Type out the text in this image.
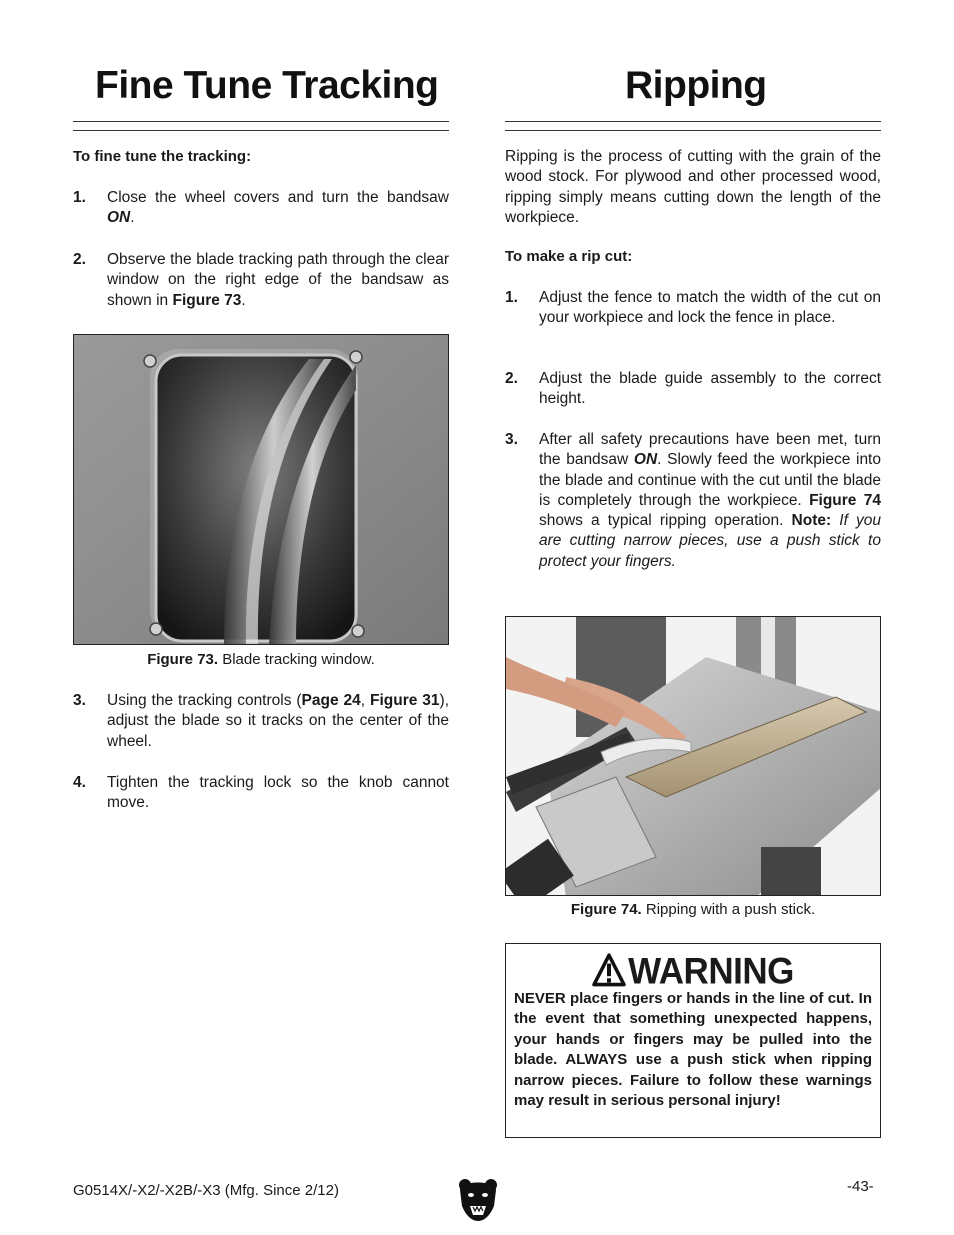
Fine Tune Tracking
To fine tune the tracking:
1. Close the wheel covers and turn the bandsaw ON.
2. Observe the blade tracking path through the clear window on the right edge of the bandsaw as shown in Figure 73.
Figure 73. Blade tracking window.
3. Using the tracking controls (Page 24, Figure 31), adjust the blade so it tracks on the center of the wheel.
4. Tighten the tracking lock so the knob cannot move.
Ripping
Ripping is the process of cutting with the grain of the wood stock. For plywood and other processed wood, ripping simply means cutting down the length of the workpiece.
To make a rip cut:
1. Adjust the fence to match the width of the cut on your workpiece and lock the fence in place.
2. Adjust the blade guide assembly to the correct height.
3. After all safety precautions have been met, turn the bandsaw ON. Slowly feed the workpiece into the blade and continue with the cut until the blade is completely through the workpiece. Figure 74 shows a typical ripping operation. Note: If you are cutting narrow pieces, use a push stick to protect your fingers.
Figure 74. Ripping with a push stick.
WARNING
NEVER place fingers or hands in the line of cut. In the event that something unexpected happens, your hands or fingers may be pulled into the blade. ALWAYS use a push stick when ripping narrow pieces. Failure to follow these warnings may result in serious personal injury!
G0514X/-X2/-X2B/-X3 (Mfg. Since 2/12)	-43-
